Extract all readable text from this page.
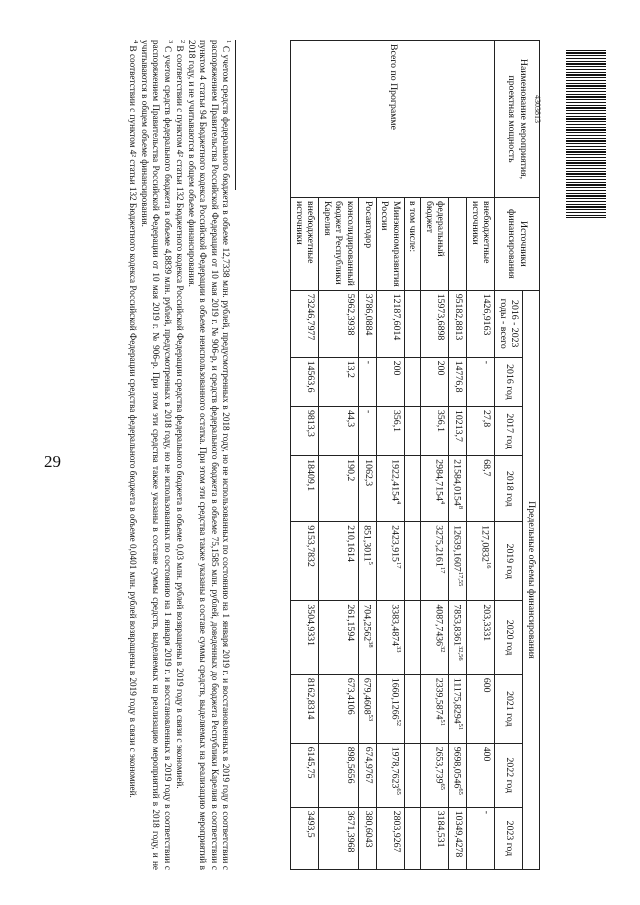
29
4303813
Наименование мероприятия, проектная мощность	Источники финансирования	Предельные объемы финансирования								
		2016 - 2023 годы - всего	2016 год	2017 год	2018 год	2019 год	2020 год	2021 год	2022 год	2023 год
Всего по Программе	внебюджетные источники	1426,9163	-	27,8	68,7	127,0832$^{16}$	203,3331	600	400	-
		95182,8813	14776,8	10213,7	21584,0154$^8$	12639,1607$^{17,55}$	7853,8361$^{32,56}$	11175,8294$^{51}$	9698,0546$^{65}$	10349,4278
	федеральный бюджет	15973,6898	200	356,1	2984,7154$^4$	3275,2161$^{17}$	4087,7436$^{32}$	2339,5874$^{51}$	2653,739$^{65}$	3184,531
	в том числе:									
	Минэкономразвития России	12187,6014	200	356,1	1922,4154$^4$	2423,915$^{17}$	3383,4874$^{33}$	1660,1266$^{52}$	1978,7623$^{65}$	2803,9267
	Росавтодор	3786,0884	-	-	1062,3	851,3011$^5$	704,2562$^{38}$	679,4608$^{53}$	674,9767	380,6043
	консолидированный бюджет Республики Карелия	5962,3938	13,2	44,3	190,2	210,1614	261,1594	673,4106	898,5656	3671,3968
	внебюджетные источники	73246,7977	14563,6	9813,3	18409,1	9153,7832	3504,9331	8162,8314	6145,75	3493,5

$^1$ С учетом средств федерального бюджета в объеме 12,7338 млн. рублей, предусмотренных в 2018 году, но не использованных по состоянию на 1 января 2019 г. и восстановленных в 2019 году в соответствии с распоряжением Правительства Российской Федерации от 10 мая 2019 г. № 906-р, и средств федерального бюджета в объеме 75,1585 млн. рублей, доведенных до бюджета Республики Карелия в соответствии с пунктом 4 статьи 94 Бюджетного кодекса Российской Федерации в объеме неиспользованного остатка. При этом эти средства также указаны в составе суммы средств, выделяемых на реализацию мероприятий в 2018 году, и не учитываются в общем объеме финансирования.

$^2$ В соответствии с пунктом 4² статьи 132 Бюджетного кодекса Российской Федерации средства федерального бюджета в объеме 0,03 млн. рублей возвращены в 2019 году в связи с экономией.

$^3$ С учетом средств федерального бюджета в объеме 4,8839 млн. рублей, предусмотренных в 2018 году, но не использованных по состоянию на 1 января 2019 г. и восстановленных в 2019 году в соответствии с распоряжением Правительства Российской Федерации от 10 мая 2019 г. № 906-р. При этом эти средства также указаны в составе суммы средств, выделяемых на реализацию мероприятий в 2018 году, и не учитываются в общем объеме финансирования.

$^4$ В соответствии с пунктом 4² статьи 132 Бюджетного кодекса Российской Федерации средства федерального бюджета в объеме 0,0401 млн. рублей возвращены в 2019 году в связи с экономией.
